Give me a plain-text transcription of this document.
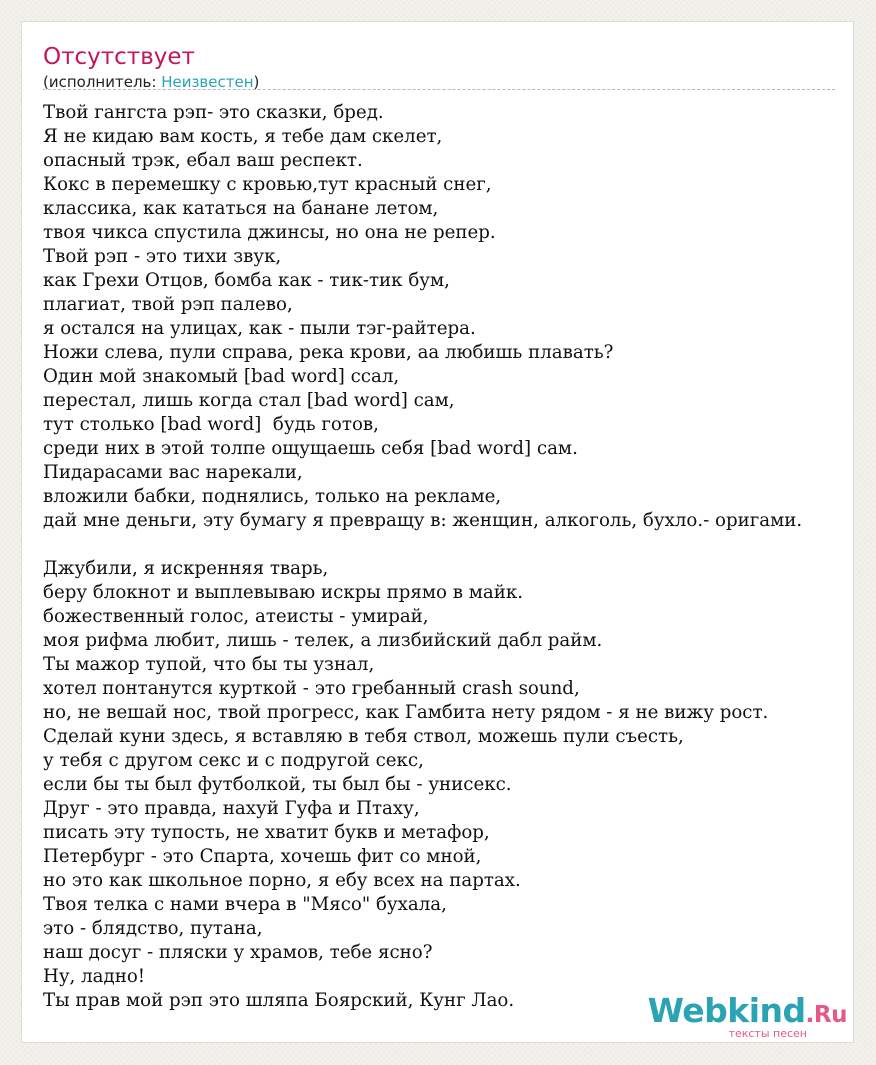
Отсутствует
(исполнитель: Неизвестен)
Твой гангста рэп- это сказки, бред.
Я не кидаю вам кость, я тебе дам скелет,
опасный трэк, ебал ваш респект.
Кокс в перемешку с кровью,тут красный снег,
классика, как кататься на банане летом,
твоя чикса спустила джинсы, но она не репер.
Твой рэп - это тихи звук,
как Грехи Отцов, бомба как - тик-тик бум,
плагиат, твой рэп палево,
я остался на улицах, как - пыли тэг-райтера.
Ножи слева, пули справа, река крови, аа любишь плавать?
Один мой знакомый [bad word] ссал,
перестал, лишь когда стал [bad word] сам,
тут столько [bad word]  будь готов,
среди них в этой толпе ощущаешь себя [bad word] сам.
Пидарасами вас нарекали,
вложили бабки, поднялись, только на рекламе,
дай мне деньги, эту бумагу я превращу в: женщин, алкоголь, бухло.- оригами.
Джубили, я искренняя тварь,
беру блокнот и выплевываю искры прямо в майк.
божественный голос, атеисты - умирай,
моя рифма любит, лишь - телек, а лизбийский дабл райм.
Ты мажор тупой, что бы ты узнал,
хотел понтанутся курткой - это гребанный crash sound,
но, не вешай нос, твой прогресс, как Гамбита нету рядом - я не вижу рост.
Сделай куни здесь, я вставляю в тебя ствол, можешь пули съесть,
у тебя с другом секс и с подругой секс,
если бы ты был футболкой, ты был бы - унисекс.
Друг - это правда, нахуй Гуфа и Птаху,
писать эту тупость, не хватит букв и метафор,
Петербург - это Спарта, хочешь фит со мной,
но это как школьное порно, я ебу всех на партах.
Твоя телка с нами вчера в "Мясо" бухала,
это - блядство, путана,
наш досуг - пляски у храмов, тебе ясно?
Ну, ладно!
Ты прав мой рэп это шляпа Боярский, Кунг Лао.	Webkind.Ru
тексты песен
